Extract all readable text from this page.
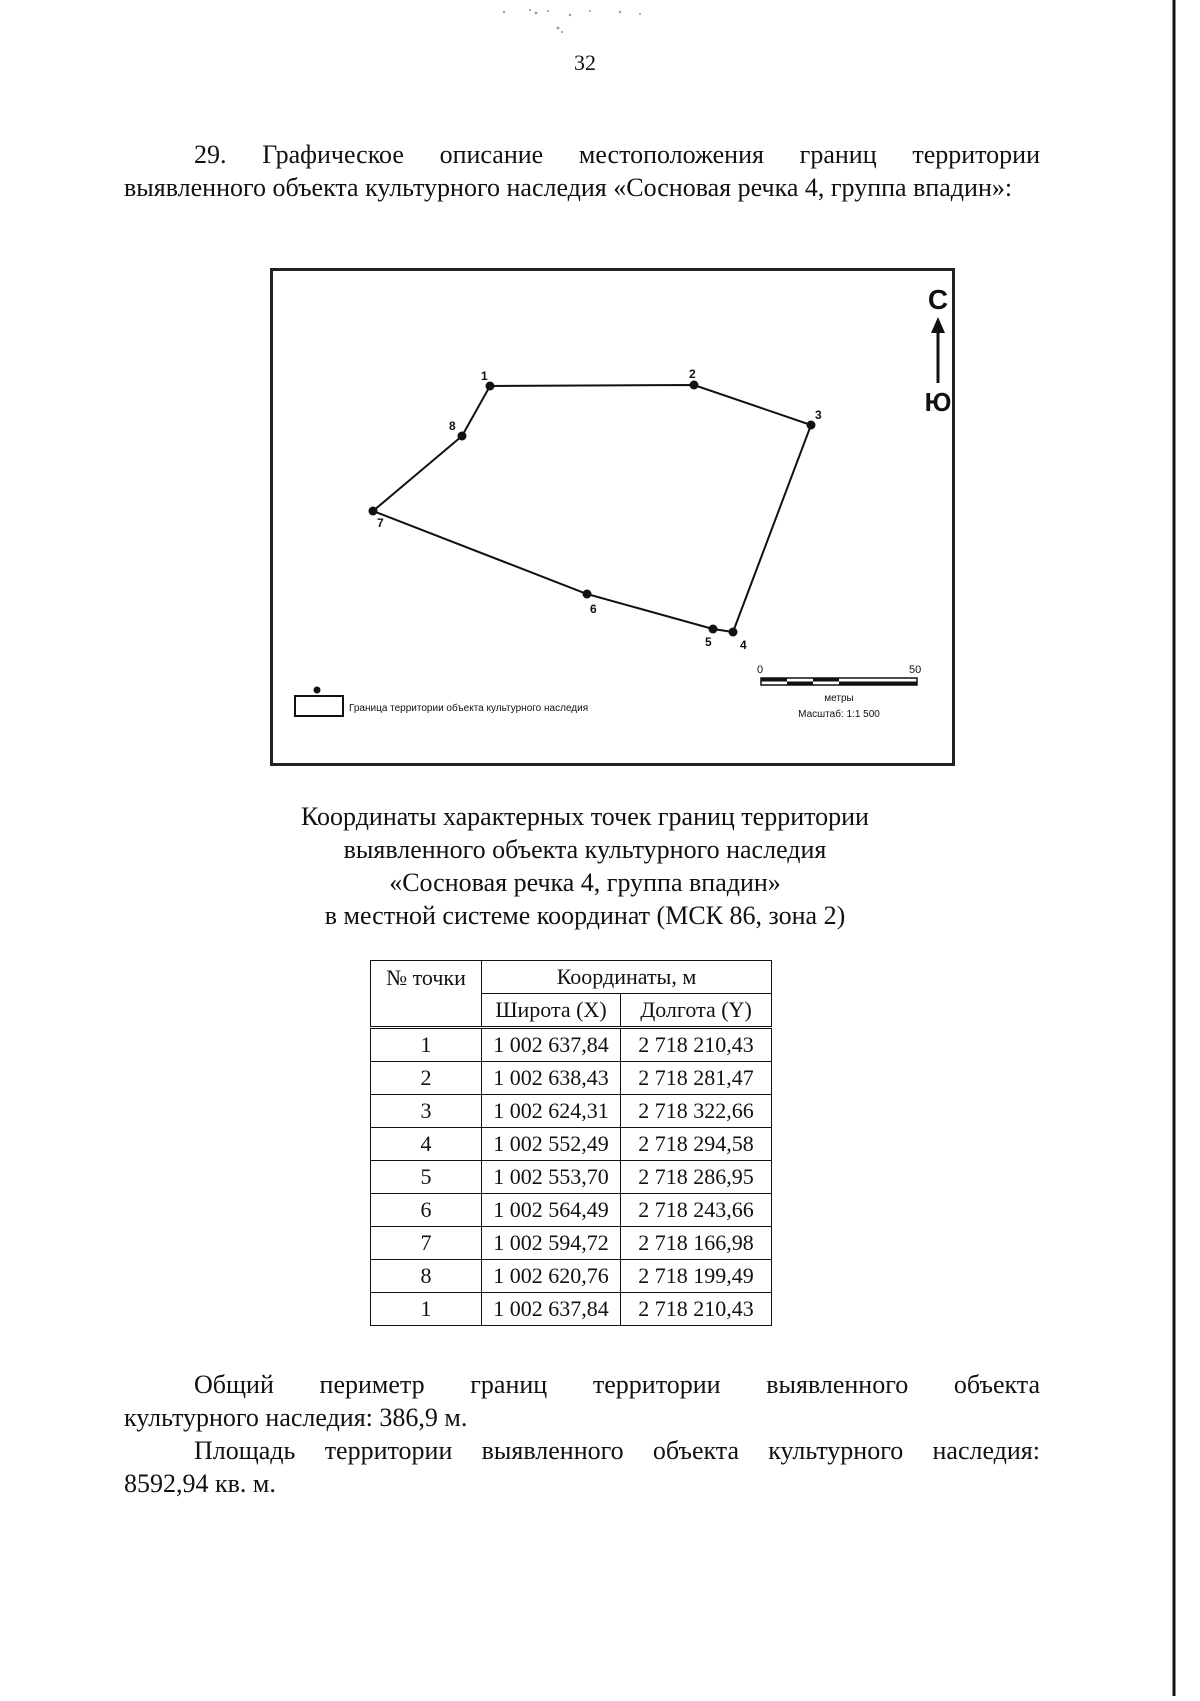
32
29. Графическое описание местоположения границ территории выявленного объекта культурного наследия «Сосновая речка 4, группа впадин»:
1	2
3
4
5
6
7
8
С
Ю
Граница территории объекта культурного наследия
0	50
метры
Масштаб: 1:1 500
Координаты характерных точек границ территории
выявленного объекта культурного наследия
«Сосновая речка 4, группа впадин»
в местной системе координат (МСК 86, зона 2)
№ точки	Координаты, м	
	Широта (X)	Долгота (Y)
1	1 002 637,84	2 718 210,43
2	1 002 638,43	2 718 281,47
3	1 002 624,31	2 718 322,66
4	1 002 552,49	2 718 294,58
5	1 002 553,70	2 718 286,95
6	1 002 564,49	2 718 243,66
7	1 002 594,72	2 718 166,98
8	1 002 620,76	2 718 199,49
1	1 002 637,84	2 718 210,43

Общий периметр границ территории выявленного объекта

культурного наследия: 386,9 м.

Площадь территории выявленного объекта культурного наследия:

8592,94 кв. м.
